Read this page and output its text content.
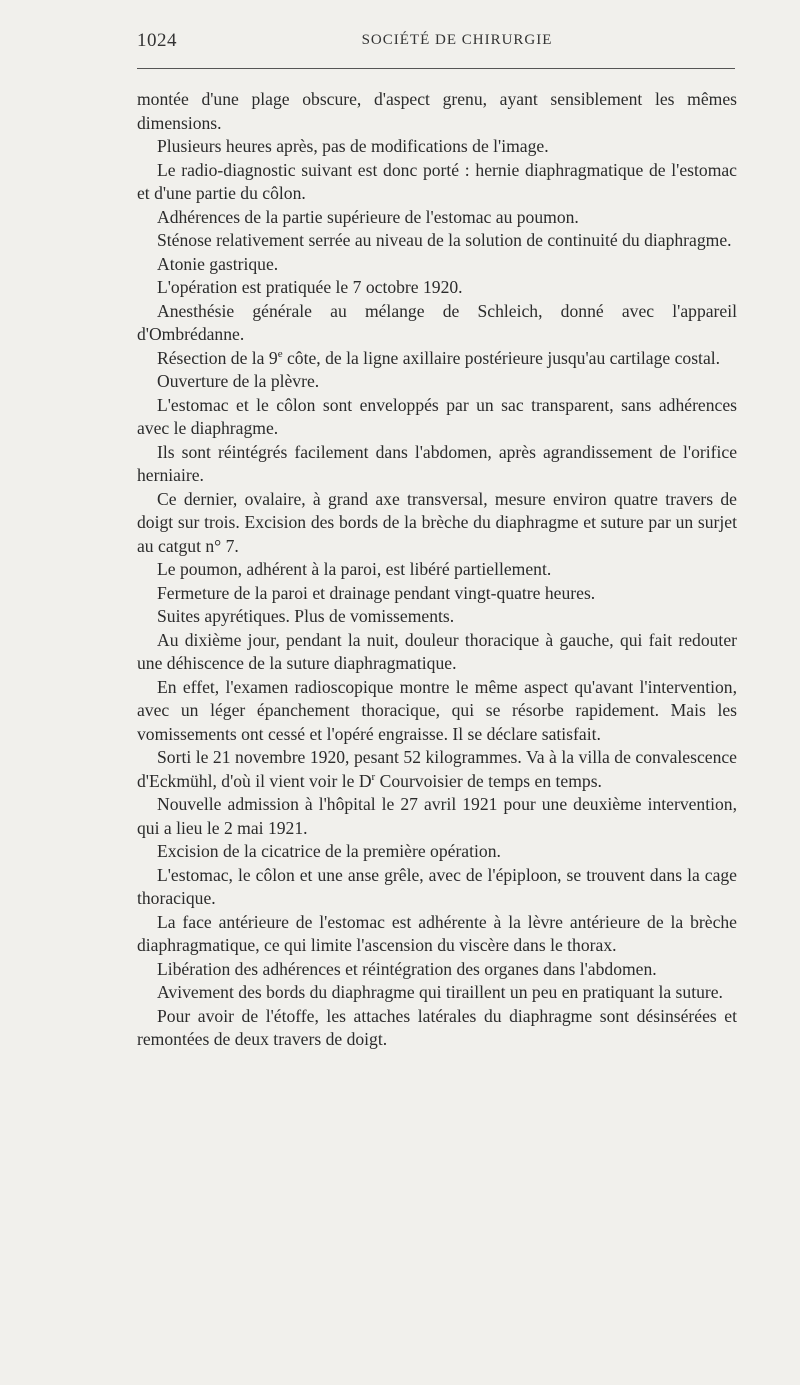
1024	SOCIÉTÉ DE CHIRURGIE

montée d'une plage obscure, d'aspect grenu, ayant sensiblement les mêmes dimensions.

Plusieurs heures après, pas de modifications de l'image.

Le radio-diagnostic suivant est donc porté : hernie diaphragmatique de l'estomac et d'une partie du côlon.

Adhérences de la partie supérieure de l'estomac au poumon.

Sténose relativement serrée au niveau de la solution de continuité du diaphragme.

Atonie gastrique.

L'opération est pratiquée le 7 octobre 1920.

Anesthésie générale au mélange de Schleich, donné avec l'appareil d'Ombrédanne.

Résection de la 9e côte, de la ligne axillaire postérieure jusqu'au cartilage costal.

Ouverture de la plèvre.

L'estomac et le côlon sont enveloppés par un sac transparent, sans adhérences avec le diaphragme.

Ils sont réintégrés facilement dans l'abdomen, après agrandissement de l'orifice herniaire.

Ce dernier, ovalaire, à grand axe transversal, mesure environ quatre travers de doigt sur trois. Excision des bords de la brèche du diaphragme et suture par un surjet au catgut n° 7.

Le poumon, adhérent à la paroi, est libéré partiellement.

Fermeture de la paroi et drainage pendant vingt-quatre heures.

Suites apyrétiques. Plus de vomissements.

Au dixième jour, pendant la nuit, douleur thoracique à gauche, qui fait redouter une déhiscence de la suture diaphragmatique.

En effet, l'examen radioscopique montre le même aspect qu'avant l'intervention, avec un léger épanchement thoracique, qui se résorbe rapidement. Mais les vomissements ont cessé et l'opéré engraisse. Il se déclare satisfait.

Sorti le 21 novembre 1920, pesant 52 kilogrammes. Va à la villa de convalescence d'Eckmühl, d'où il vient voir le $D^r$ Courvoisier de temps en temps.

Nouvelle admission à l'hôpital le 27 avril 1921 pour une deuxième intervention, qui a lieu le 2 mai 1921.

Excision de la cicatrice de la première opération.

L'estomac, le côlon et une anse grêle, avec de l'épiploon, se trouvent dans la cage thoracique.

La face antérieure de l'estomac est adhérente à la lèvre antérieure de la brèche diaphragmatique, ce qui limite l'ascension du viscère dans le thorax.

Libération des adhérences et réintégration des organes dans l'abdomen.

Avivement des bords du diaphragme qui tiraillent un peu en pratiquant la suture.

Pour avoir de l'étoffe, les attaches latérales du diaphragme sont désinsérées et remontées de deux travers de doigt.
